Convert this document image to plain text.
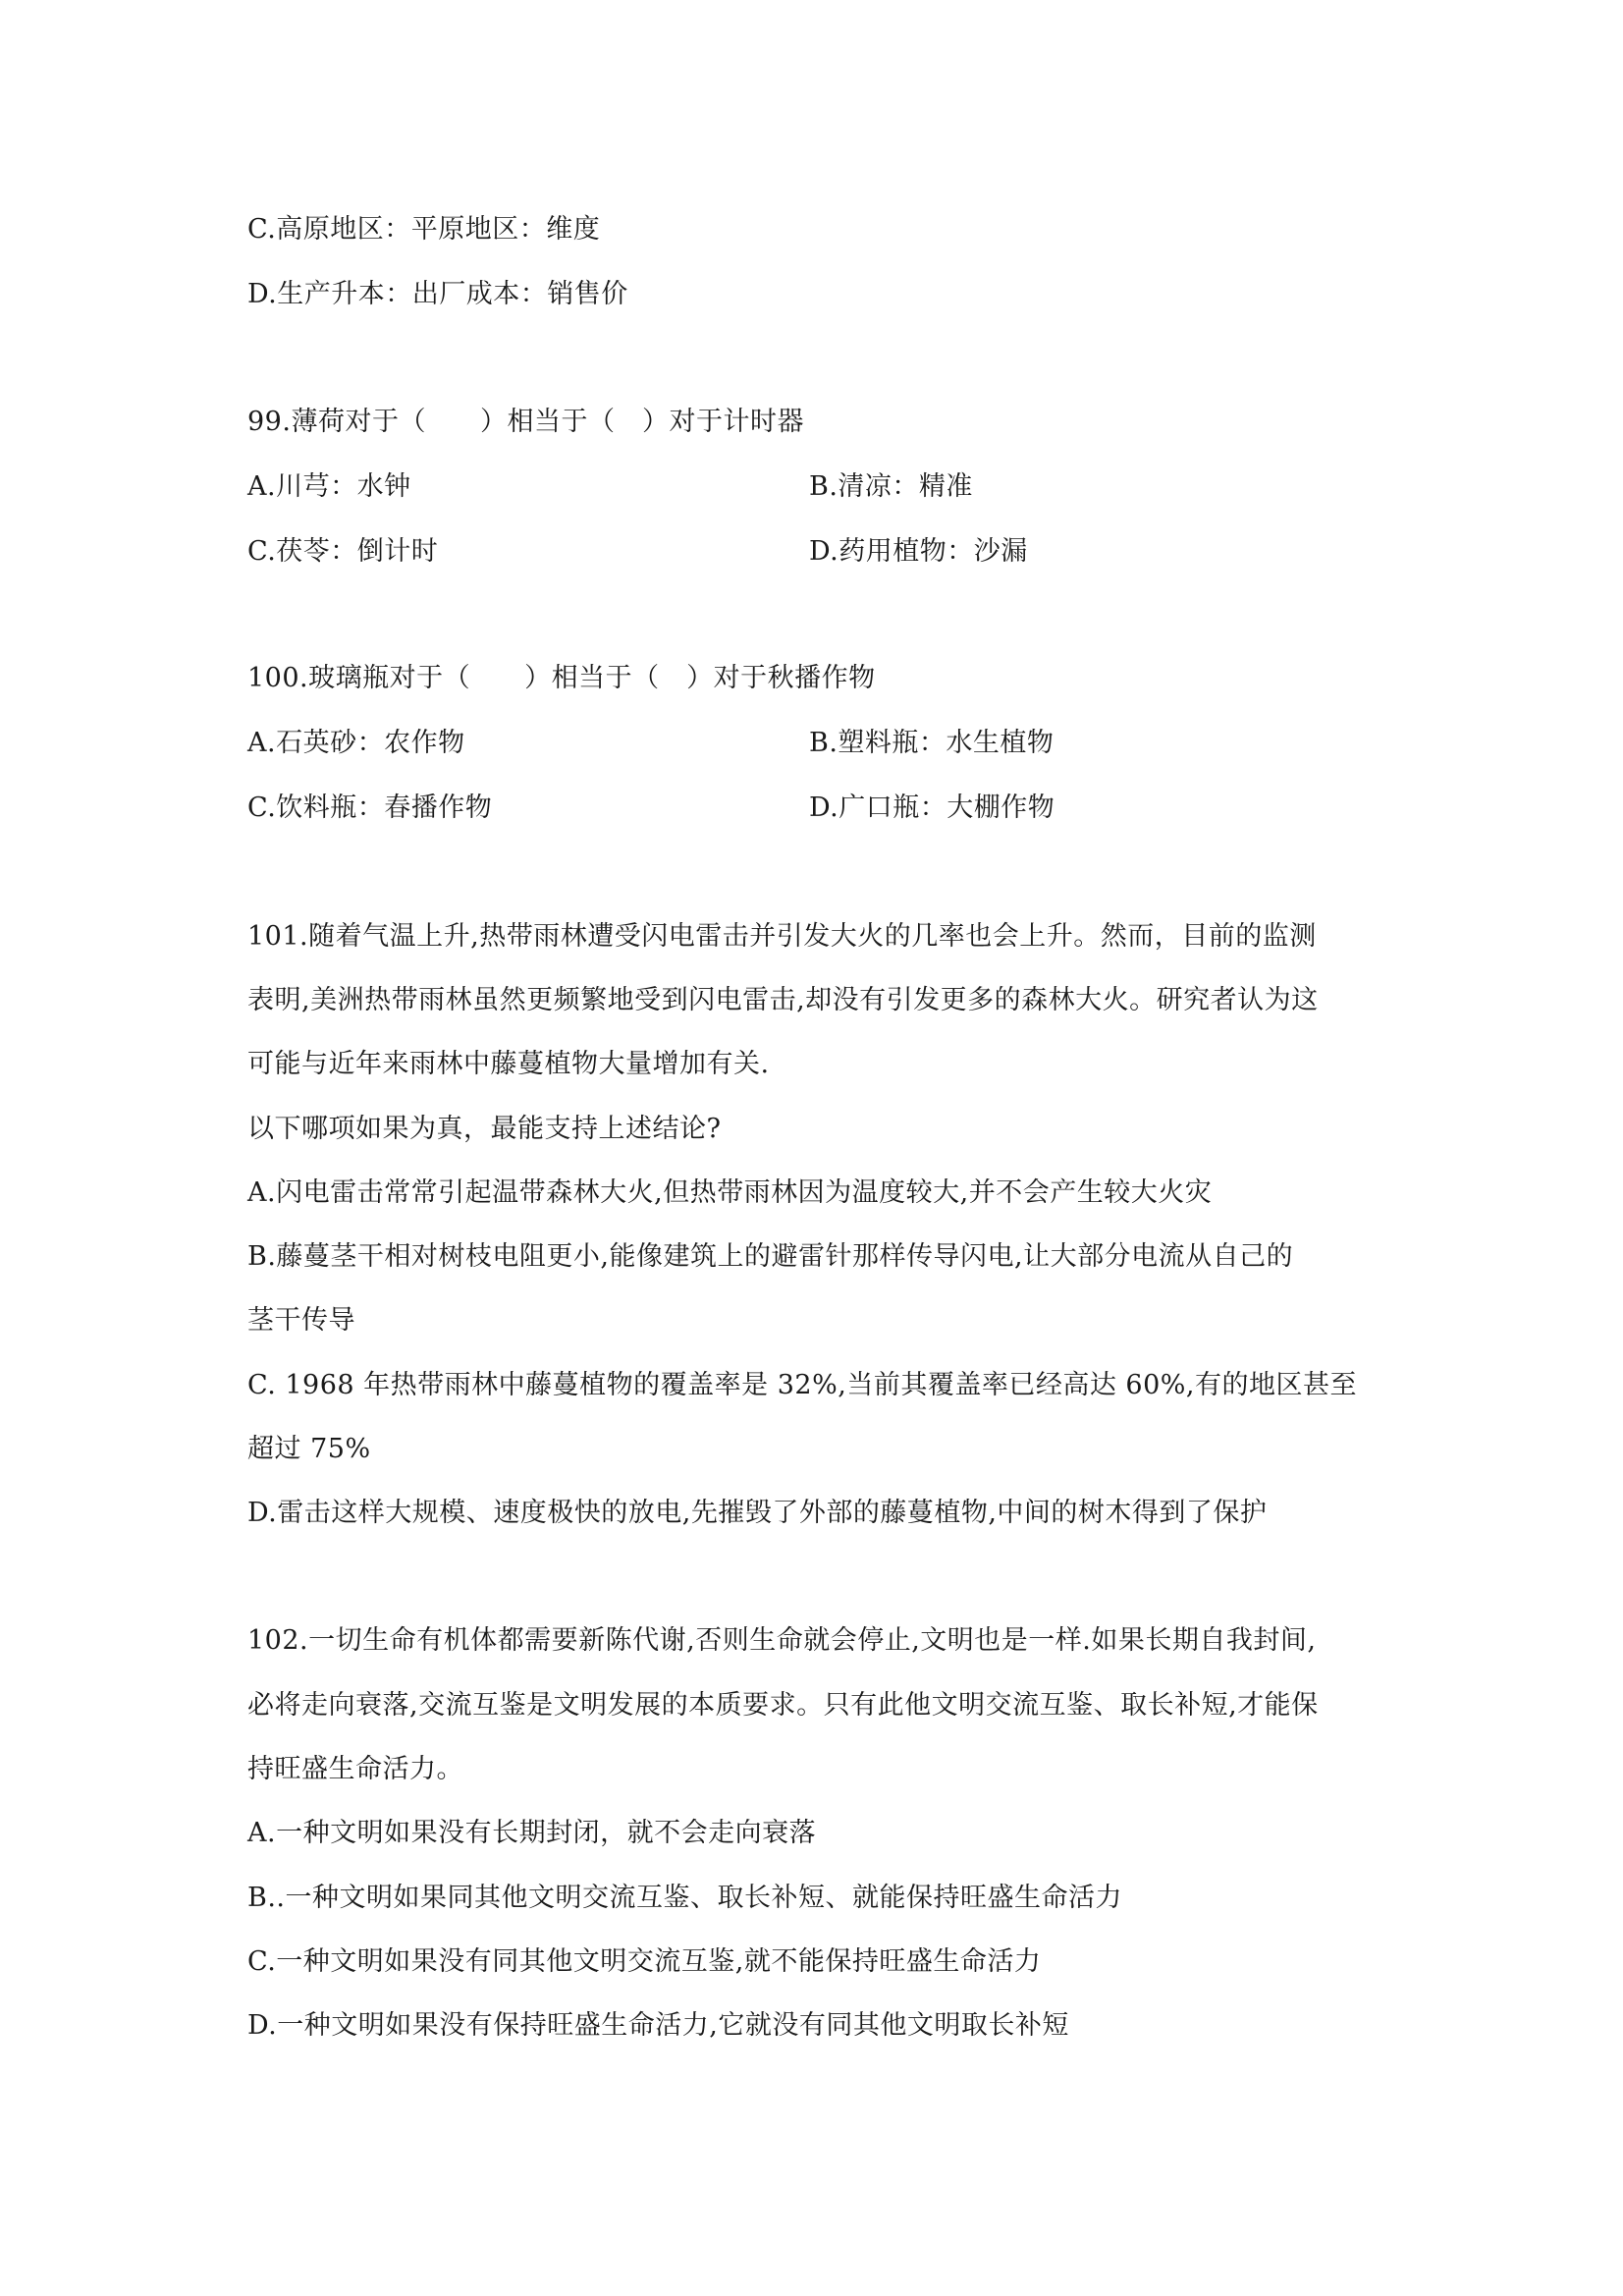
C.高原地区：平原地区：维度
D.生产升本：出厂成本：销售价
99.薄荷对于（　　）相当于（　）对于计时器
A.川芎：水钟	B.清凉：精准
C.茯苓：倒计时	D.药用植物：沙漏
100.玻璃瓶对于（　　）相当于（　）对于秋播作物
A.石英砂：农作物	B.塑料瓶：水生植物
C.饮料瓶：春播作物	D.广口瓶：大棚作物
101.随着气温上升,热带雨林遭受闪电雷击并引发大火的几率也会上升。然而，目前的监测
表明,美洲热带雨林虽然更频繁地受到闪电雷击,却没有引发更多的森林大火。研究者认为这
可能与近年来雨林中藤蔓植物大量增加有关.
以下哪项如果为真，最能支持上述结论?
A.闪电雷击常常引起温带森林大火,但热带雨林因为温度较大,并不会产生较大火灾
B.藤蔓茎干相对树枝电阻更小,能像建筑上的避雷针那样传导闪电,让大部分电流从自己的
茎干传导
C. 1968 年热带雨林中藤蔓植物的覆盖率是 32%,当前其覆盖率已经高达 60%,有的地区甚至
超过 75%
D.雷击这样大规模、速度极快的放电,先摧毁了外部的藤蔓植物,中间的树木得到了保护
102.一切生命有机体都需要新陈代谢,否则生命就会停止,文明也是一样.如果长期自我封间,
必将走向衰落,交流互鉴是文明发展的本质要求。只有此他文明交流互鉴、取长补短,才能保
持旺盛生命活力。
A.一种文明如果没有长期封闭，就不会走向衰落
B..一种文明如果同其他文明交流互鉴、取长补短、就能保持旺盛生命活力
C.一种文明如果没有同其他文明交流互鉴,就不能保持旺盛生命活力
D.一种文明如果没有保持旺盛生命活力,它就没有同其他文明取长补短
